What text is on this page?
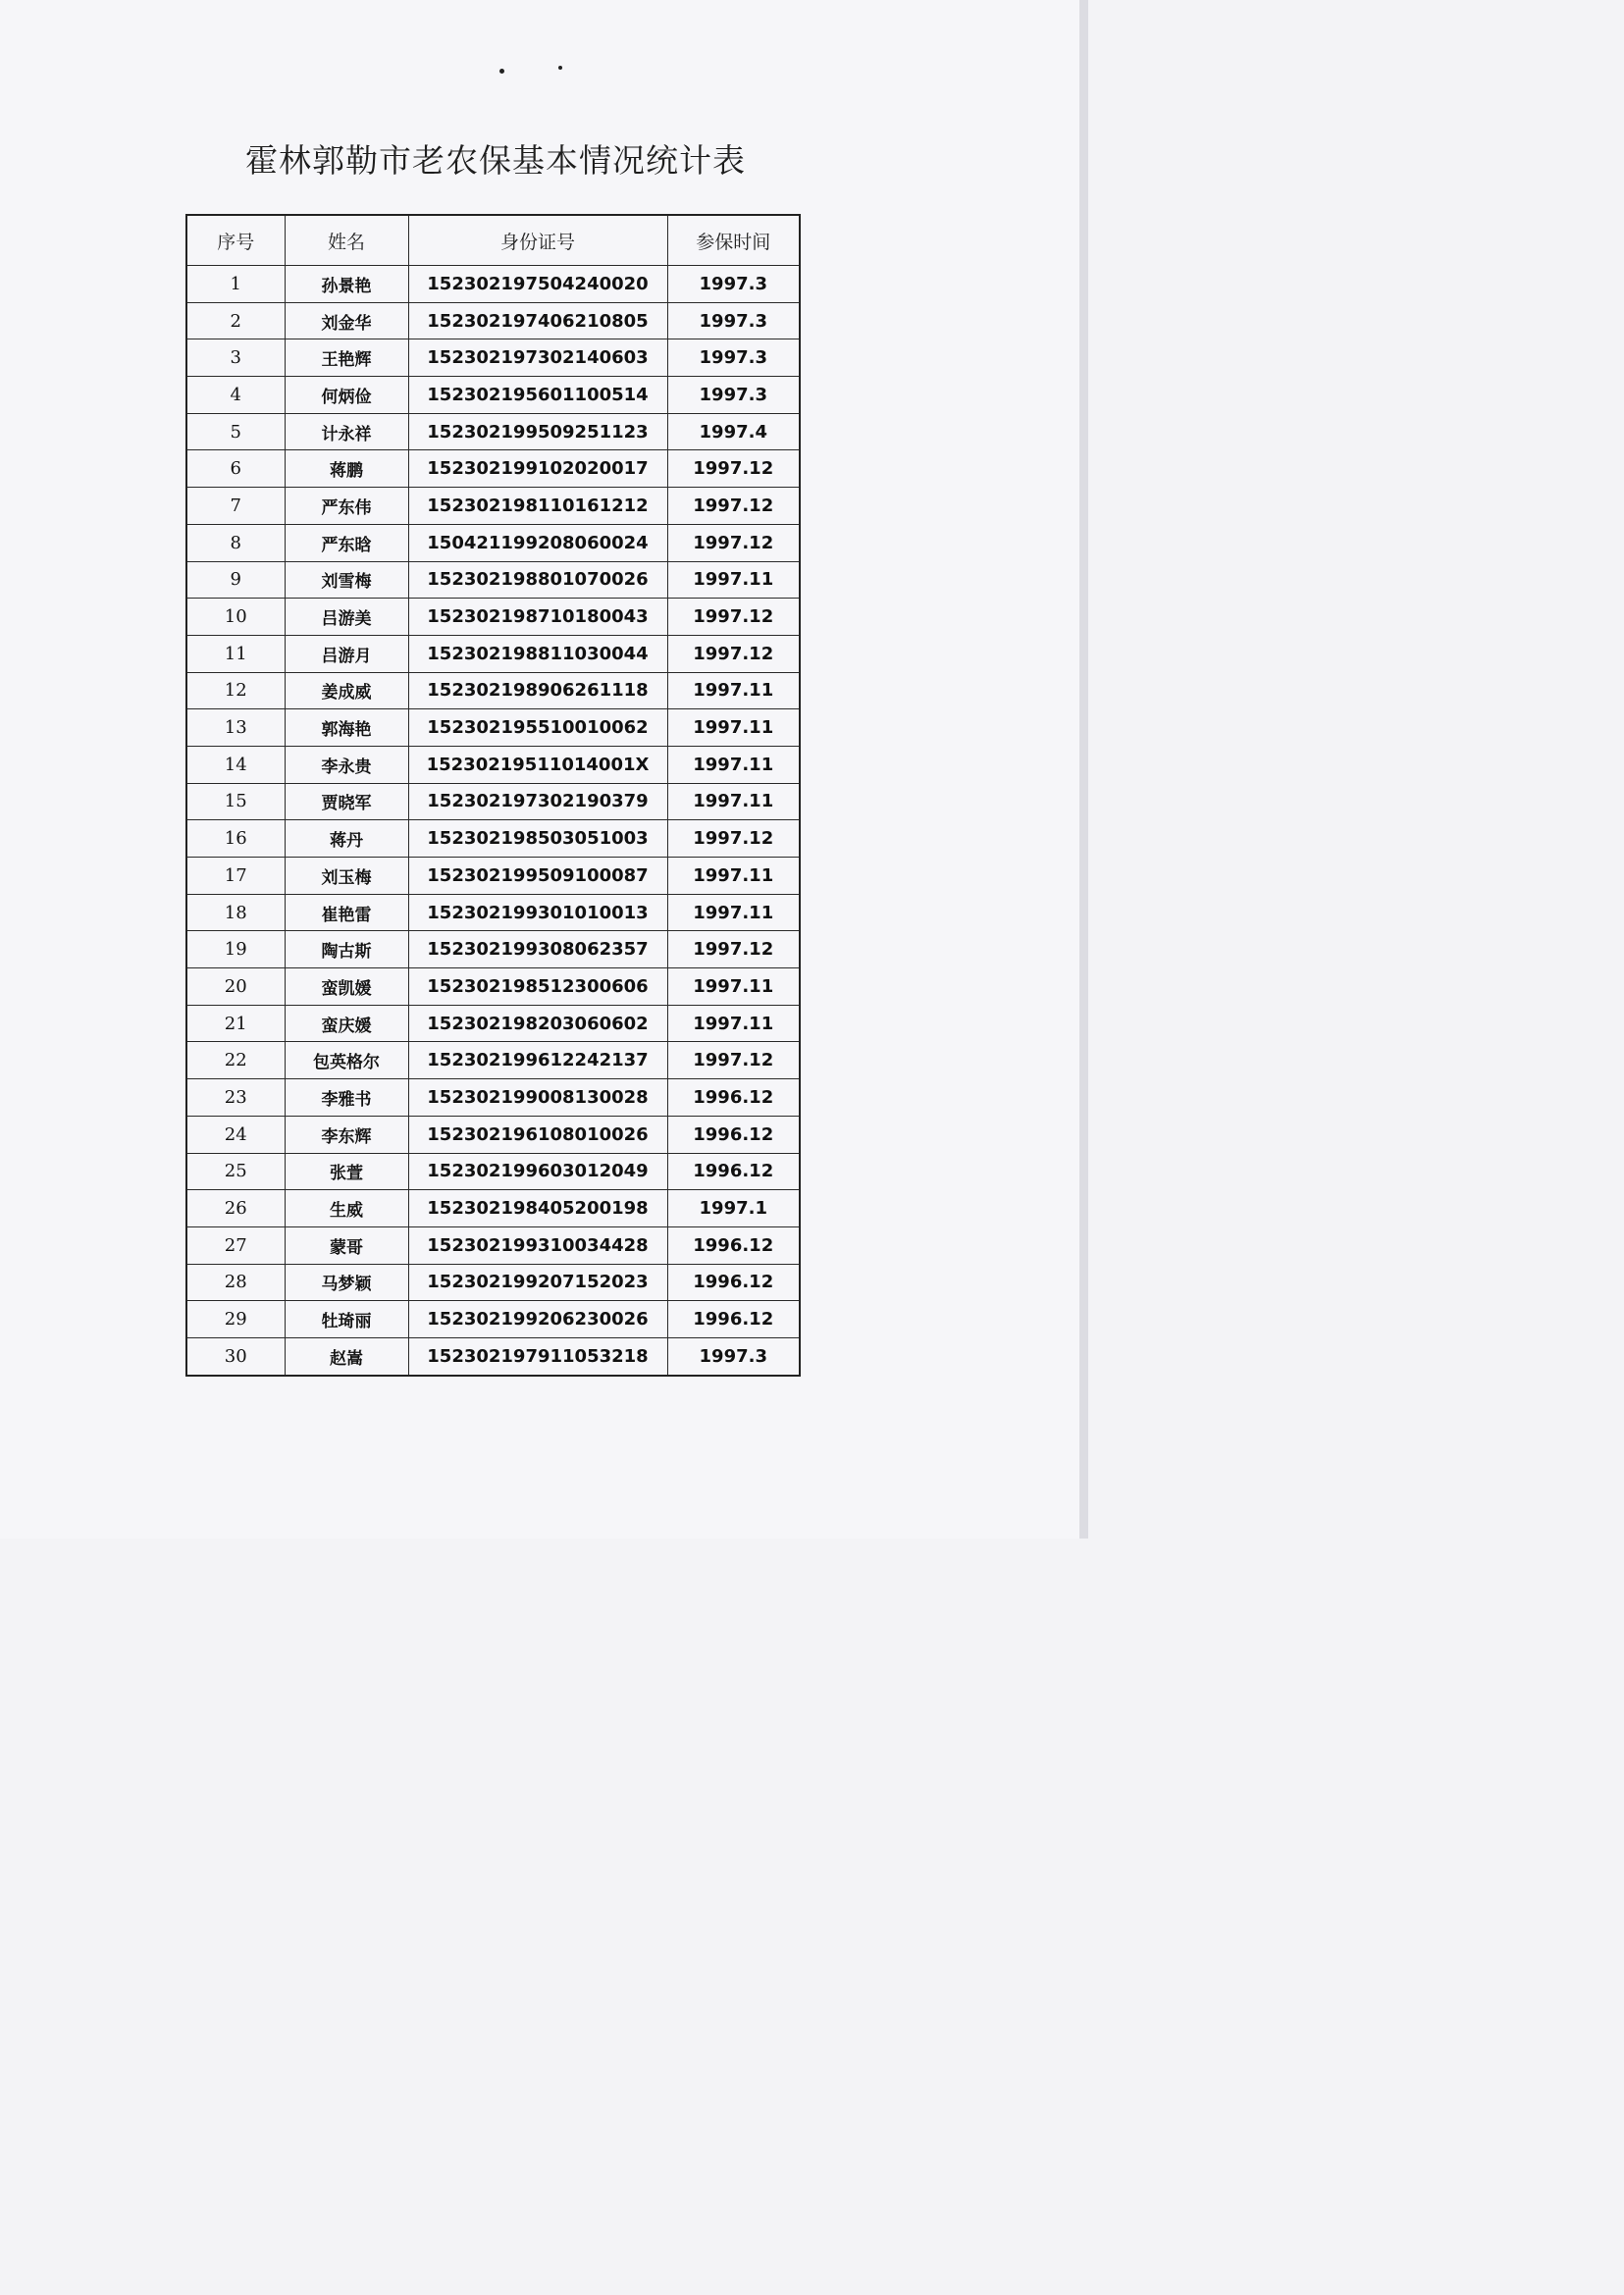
霍林郭勒市老农保基本情况统计表
序号	姓名	身份证号	参保时间
1	孙景艳	152302197504240020	1997.3
2	刘金华	152302197406210805	1997.3
3	王艳辉	152302197302140603	1997.3
4	何炳俭	152302195601100514	1997.3
5	计永祥	152302199509251123	1997.4
6	蒋鹏	152302199102020017	1997.12
7	严东伟	152302198110161212	1997.12
8	严东晗	150421199208060024	1997.12
9	刘雪梅	152302198801070026	1997.11
10	吕游美	152302198710180043	1997.12
11	吕游月	152302198811030044	1997.12
12	姜成威	152302198906261118	1997.11
13	郭海艳	152302195510010062	1997.11
14	李永贵	15230219511014001X	1997.11
15	贾晓军	152302197302190379	1997.11
16	蒋丹	152302198503051003	1997.12
17	刘玉梅	152302199509100087	1997.11
18	崔艳雷	152302199301010013	1997.11
19	陶古斯	152302199308062357	1997.12
20	蛮凯媛	152302198512300606	1997.11
21	蛮庆媛	152302198203060602	1997.11
22	包英格尔	152302199612242137	1997.12
23	李雅书	152302199008130028	1996.12
24	李东辉	152302196108010026	1996.12
25	张萱	152302199603012049	1996.12
26	生威	152302198405200198	1997.1
27	蒙哥	152302199310034428	1996.12
28	马梦颖	152302199207152023	1996.12
29	牡琦丽	152302199206230026	1996.12
30	赵嵩	152302197911053218	1997.3
